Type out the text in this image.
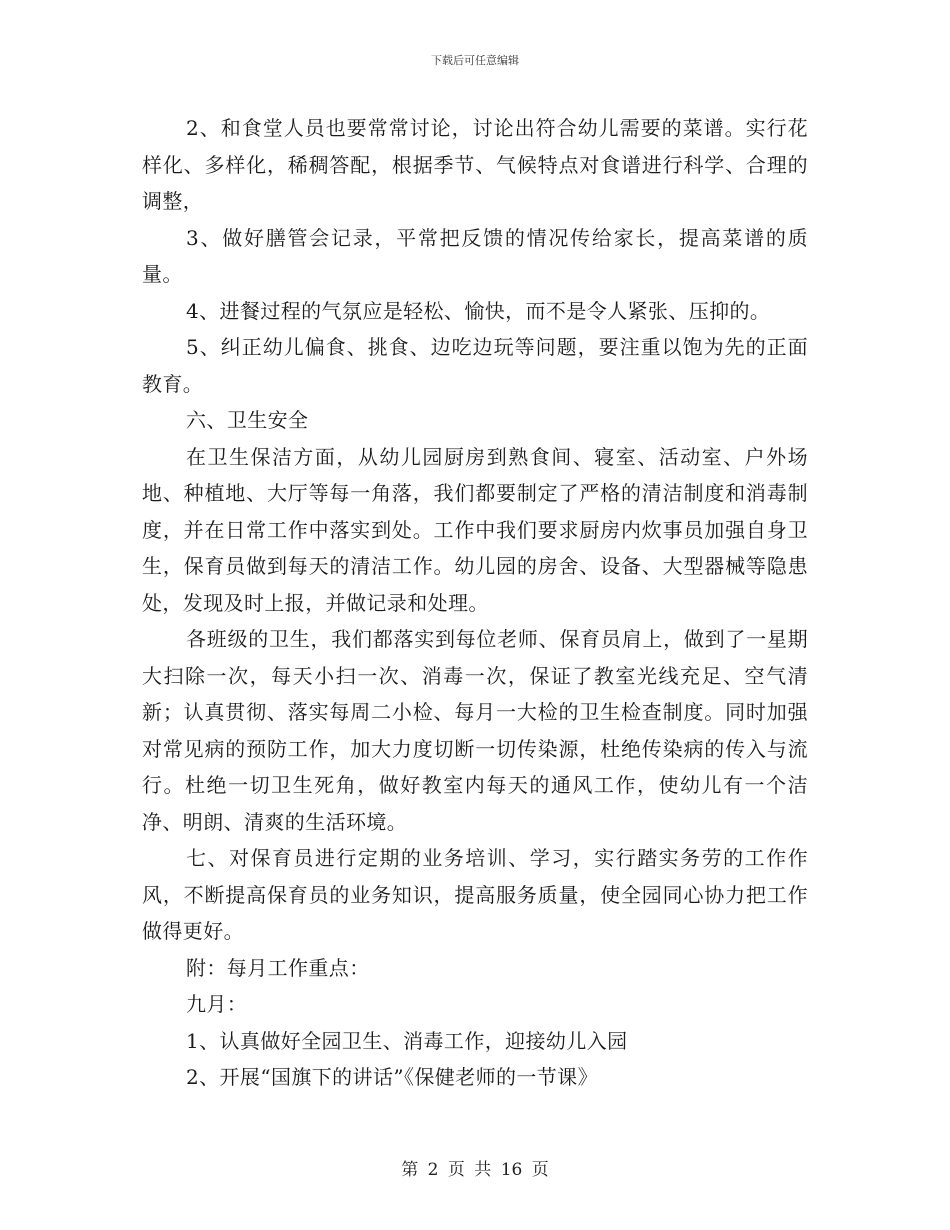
下载后可任意编辑

2、和食堂人员也要常常讨论，讨论出符合幼儿需要的菜谱。实行花样化、多样化，稀稠答配，根据季节、气候特点对食谱进行科学、合理的调整，

3、做好膳管会记录，平常把反馈的情况传给家长，提高菜谱的质量。

4、进餐过程的气氛应是轻松、愉快，而不是令人紧张、压抑的。

5、纠正幼儿偏食、挑食、边吃边玩等问题，要注重以饱为先的正面教育。

六、卫生安全

在卫生保洁方面，从幼儿园厨房到熟食间、寝室、活动室、户外场地、种植地、大厅等每一角落，我们都要制定了严格的清洁制度和消毒制度，并在日常工作中落实到处。工作中我们要求厨房内炊事员加强自身卫生，保育员做到每天的清洁工作。幼儿园的房舍、设备、大型器械等隐患处，发现及时上报，并做记录和处理。

各班级的卫生，我们都落实到每位老师、保育员肩上，做到了一星期大扫除一次，每天小扫一次、消毒一次，保证了教室光线充足、空气清新；认真贯彻、落实每周二小检、每月一大检的卫生检查制度。同时加强对常见病的预防工作，加大力度切断一切传染源，杜绝传染病的传入与流行。杜绝一切卫生死角，做好教室内每天的通风工作，使幼儿有一个洁净、明朗、清爽的生活环境。

七、对保育员进行定期的业务培训、学习，实行踏实务劳的工作作风，不断提高保育员的业务知识，提高服务质量，使全园同心协力把工作做得更好。

附：每月工作重点：

九月：

1、认真做好全园卫生、消毒工作，迎接幼儿入园

2、开展“国旗下的讲话”《保健老师的一节课》

第 2 页 共 16 页
